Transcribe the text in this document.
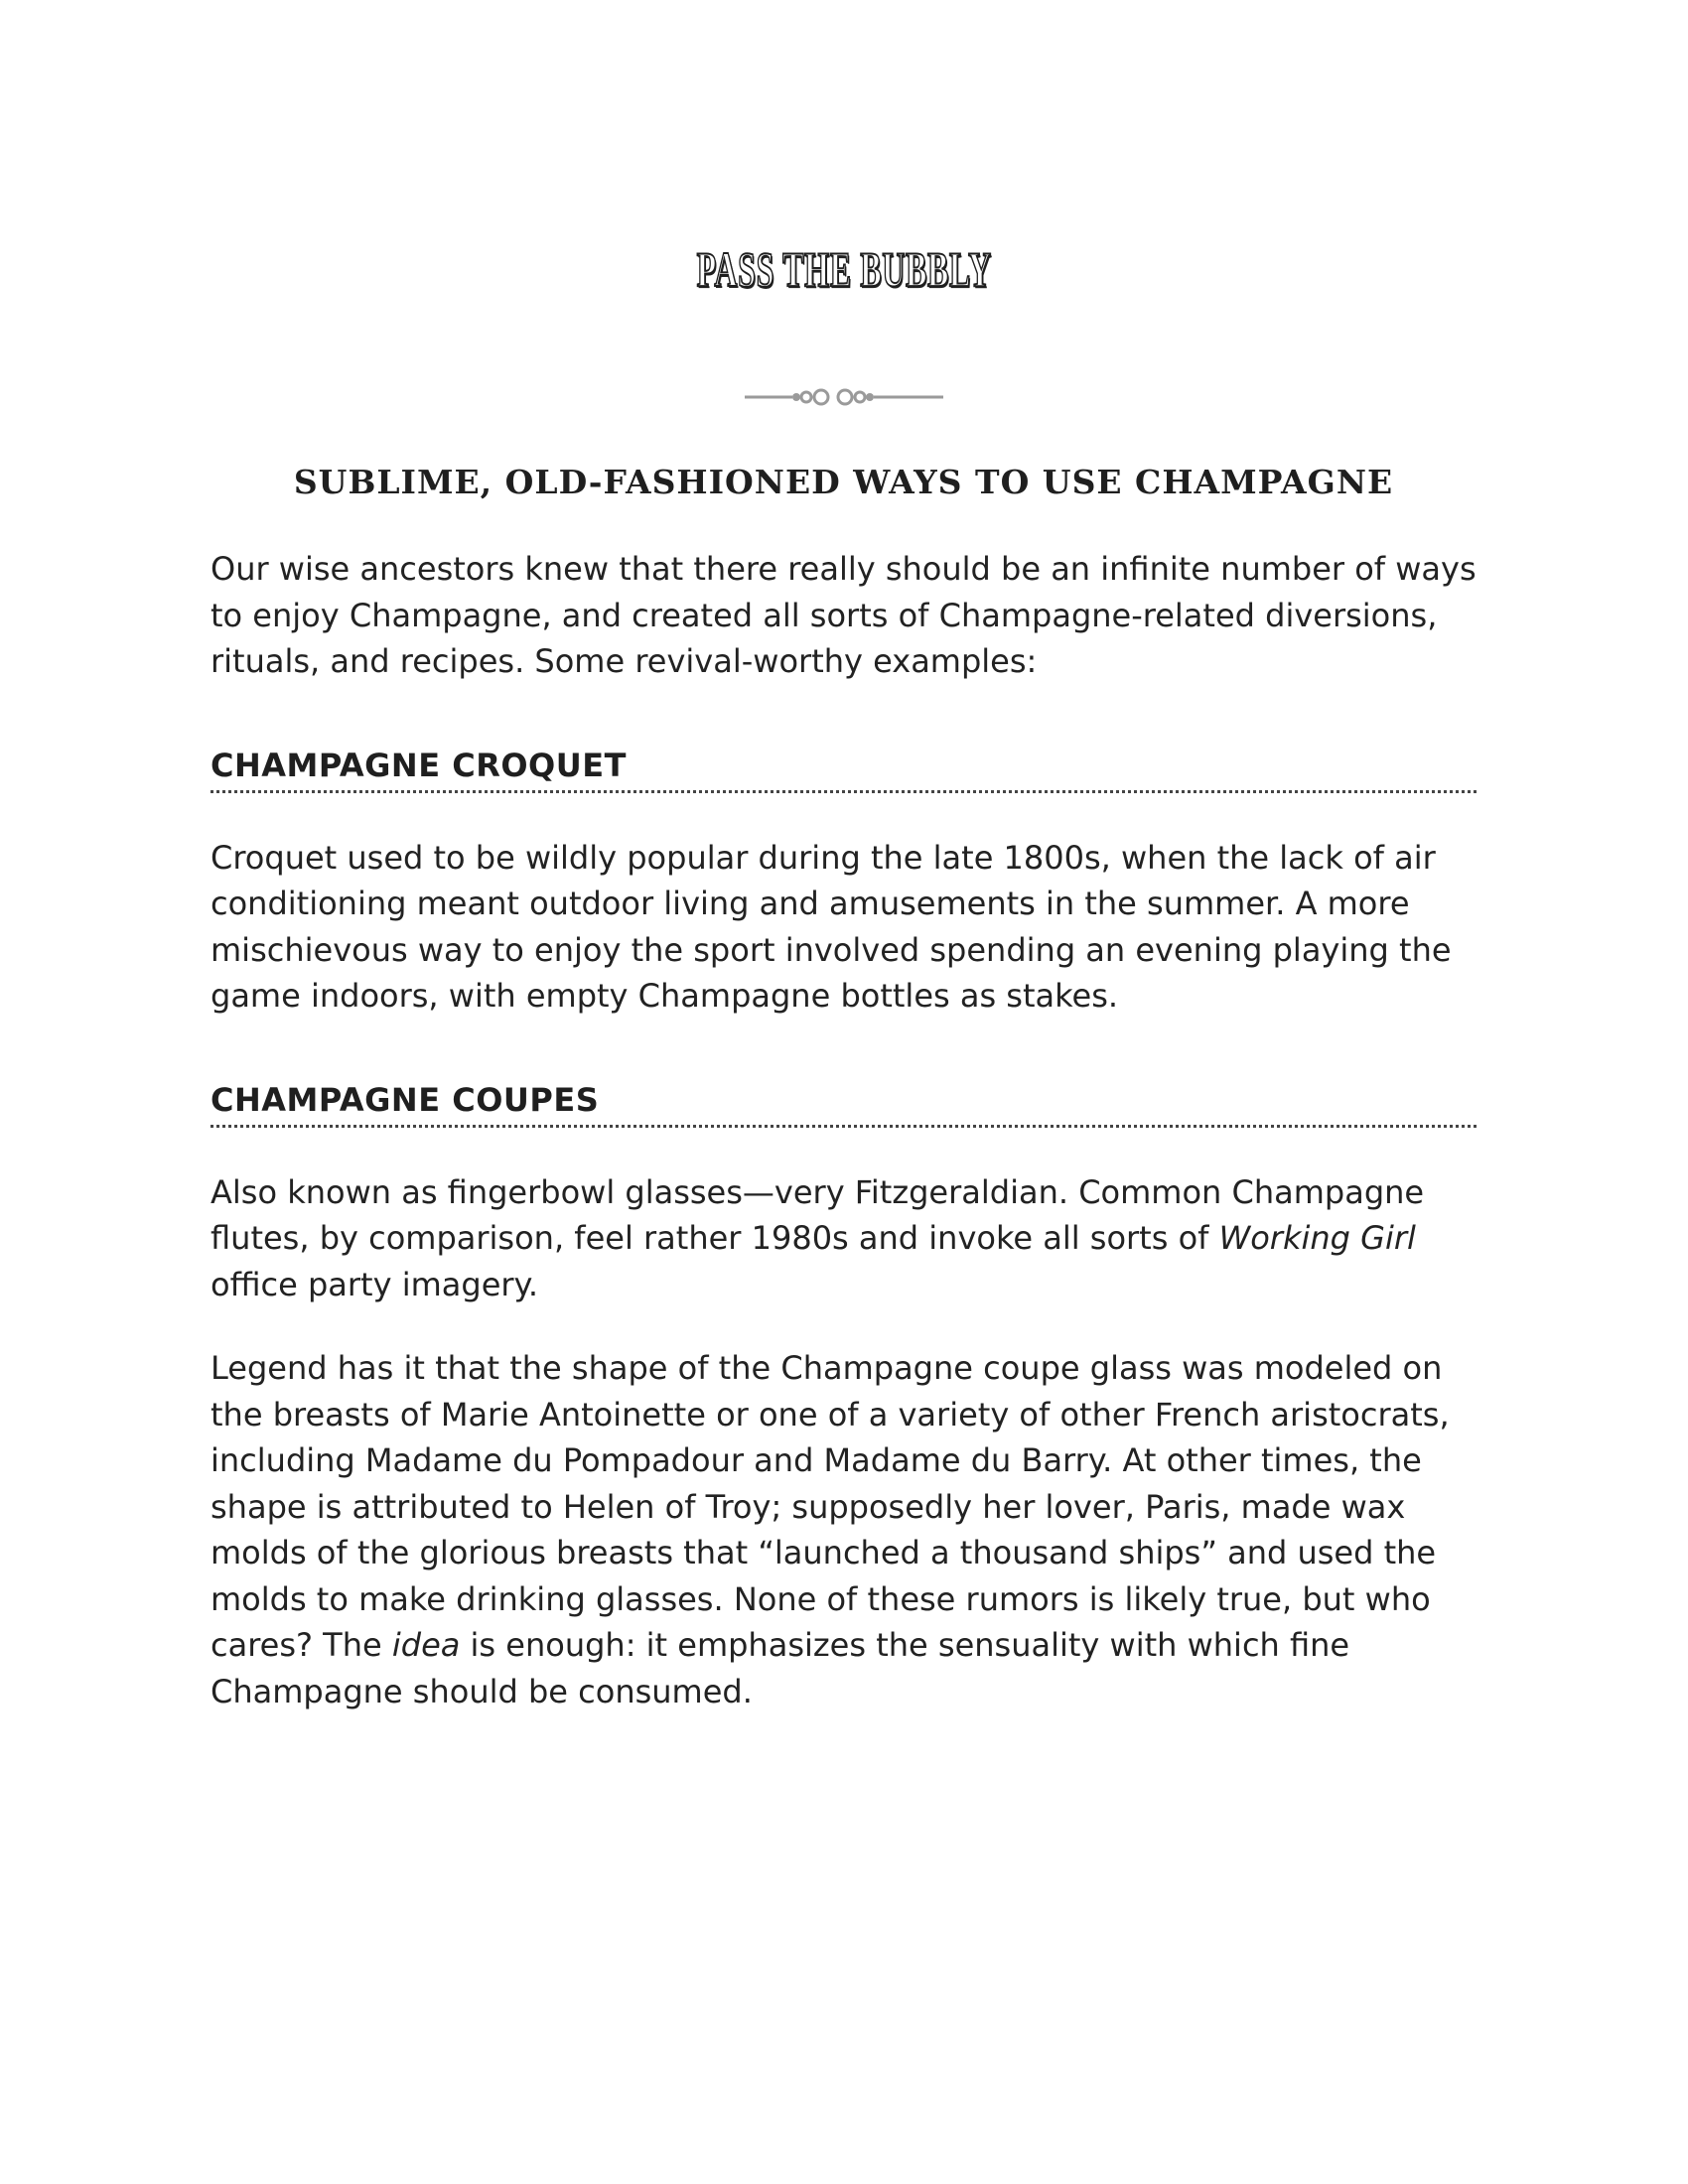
PASS THE BUBBLY
SUBLIME, OLD-FASHIONED WAYS TO USE CHAMPAGNE

Our wise ancestors knew that there really should be an infinite number of ways to enjoy Champagne, and created all sorts of Champagne-related diversions, rituals, and recipes. Some revival-worthy examples:

CHAMPAGNE CROQUET

Croquet used to be wildly popular during the late 1800s, when the lack of air conditioning meant outdoor living and amusements in the summer. A more mischievous way to enjoy the sport involved spending an evening playing the game indoors, with empty Champagne bottles as stakes.

CHAMPAGNE COUPES

Also known as fingerbowl glasses—very Fitzgeraldian. Common Champagne flutes, by comparison, feel rather 1980s and invoke all sorts of Working Girl office party imagery.

Legend has it that the shape of the Champagne coupe glass was modeled on the breasts of Marie Antoinette or one of a variety of other French aristocrats, including Madame du Pompadour and Madame du Barry. At other times, the shape is attributed to Helen of Troy; supposedly her lover, Paris, made wax molds of the glorious breasts that “launched a thousand ships” and used the molds to make drinking glasses. None of these rumors is likely true, but who cares? The idea is enough: it emphasizes the sensuality with which fine Champagne should be consumed.
